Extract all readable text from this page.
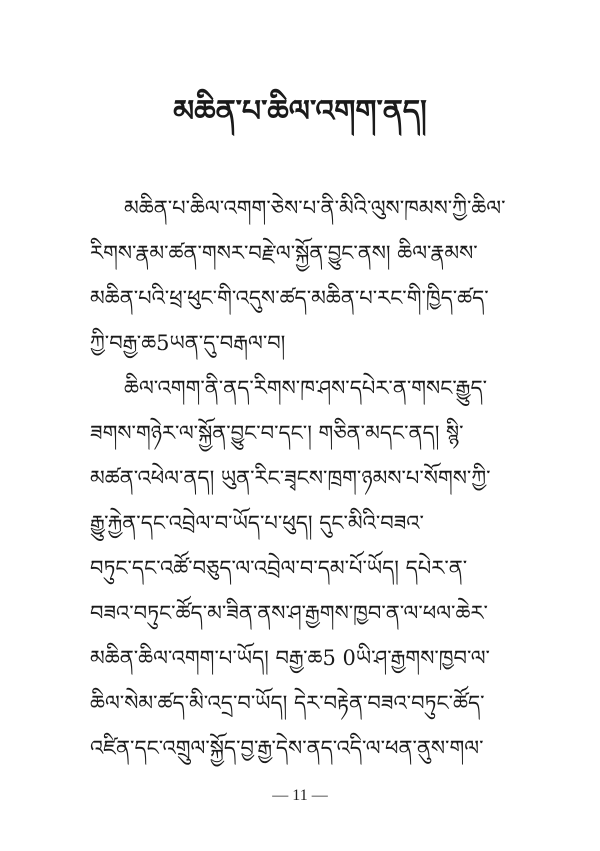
མཆིན་པ་ཆིལ་འགག་ནད།
མཆིན་པ་ཆིལ་འགག་ཅེས་པ་ནི་མིའི་ལུས་ཁམས་ཀྱི་ཆིལ་
རིགས་རྣམ་ཚན་གསར་བརྗེ་ལ་སྐྱོན་བྱུང་ནས། ཆིལ་རྣམས་
མཆིན་པའི་ཕྲ་ཕུང་གི་འདུས་ཚད་མཆིན་པ་རང་གི་ཁྱིད་ཚད་
ཀྱི་བརྒྱ་ཆ5ཡན་དུ་བརྒལ་བ།
ཆིལ་འགག་ནི་ནད་རིགས་ཁ་ཤས་དཔེར་ན་གསང་རྒྱུད་
ཟགས་གཉེར་ལ་སྐྱོན་བྱུང་བ་དང་། གཅིན་མདང་ནད། སྙི་
མཚན་འཕེལ་ནད། ཡུན་རིང་ཟྭངས་ཁྲག་ཉམས་པ་སོགས་ཀྱི་
རྒྱུ་རྐྱེན་དང་འབྲེལ་བ་ཡོད་པ་ཕུད། དུང་མིའི་བཟའ་
བཏུང་དང་འཚོ་བཅུད་ལ་འབྲེལ་བ་དམ་པོ་ཡོད། དཔེར་ན་
བཟའ་བཏུང་ཚོད་མ་ཟིན་ནས་ཤ་རྒྱགས་ཁྱབ་ན་ལ་ཕལ་ཆེར་
མཆིན་ཆིལ་འགག་པ་ཡོད། བརྒྱ་ཆ5 0ཡི་ཤ་རྒྱགས་ཁྱབ་ལ་
ཆིལ་སེམ་ཚད་མི་འདྲ་བ་ཡོད། དེར་བརྟེན་བཟའ་བཏུང་ཚོད་
འཛིན་དང་འགྲུལ་སྐྱོད་བྱ་རྒྱ་དེས་ནད་འདི་ལ་ཕན་ནུས་གལ་
— 11 —
